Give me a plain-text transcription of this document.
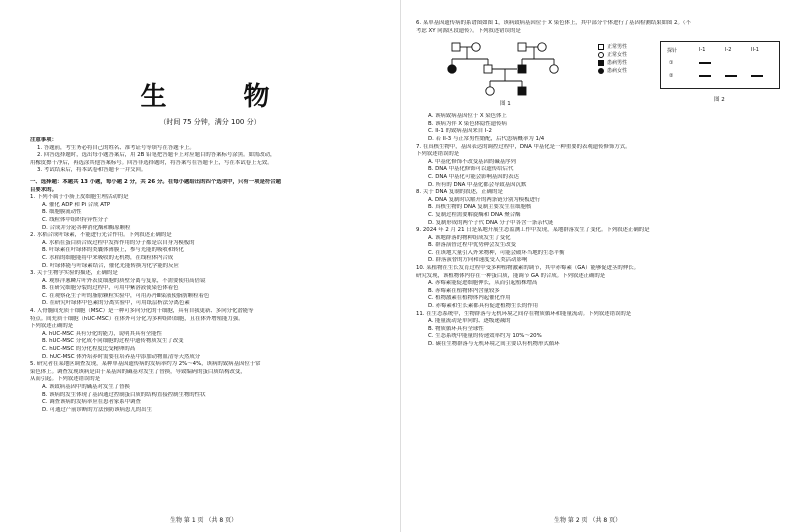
生 物
（时间 75 分钟，满分 100 分）

注意事项：

1. 答题前，考生务必将自己的姓名、准考证号等填写在答题卡上。

2. 回答选择题时，选出每小题答案后，用 2B 铅笔把答题卡上对应题目的答案标号涂黑。如需改动，

用橡皮擦干净后，再选涂其他答案标号。回答非选择题时，将答案写在答题卡上，写在本试卷上无效。

3. 考试结束后，将本试卷和答题卡一并交回。

一、选择题：本题共 13 小题，每小题 2 分，共 26 分。在每小题给出的四个选项中，只有一项是符合题

目要求的。

1. 下列不属于小肠上皮细胞生理活动的是

A. 催化 ADP 和 Pi 合成 ATP

B. 细胞膜流动性

C. 线粒体中组织特异性分子

D. 合成并分泌各种消化酶和酶原颗粒

2. 水稻合成叶绿素，不能进行光合作用。下列叙述正确的是

A. 水稻在蛋白质合成过程中发挥作用的分子都是以自身为模板的

B. 叶绿素在叶绿体的类囊体薄膜上，参与光能的吸收和转化

C. 水稻的细胞能将中来吸收的无机物，在线粒体内合成

D. 叶绿体能与叶绿素结合，催化光能转换为化学能的反应

3. 关于生物学实验的描述，正确的是

A. 观察洋葱鳞片叶外表皮细胞的质壁分离与复原，不需要使用高倍镜

B. 在研究细胞分裂的过程中，可用甲紫溶液使染色体着色

C. 在观察花生子叶的脂肪颗粒实验中，可用苏丹Ⅲ染液使脂肪颗粒着色

D. 在研究叶绿体中色素的分离实验中，可用纸层析法分离色素

4. 人骨髓间充质干细胞（MSC）是一种可多向分化的干细胞，具有自我更新、多向分化潜能等

特点。间充质干细胞（hUC-MSC）在体外可分化为多种组织细胞，且在体外增殖能力强。

下列叙述正确的是

A. hUC-MSC 具有分化的能力，说明其具有全能性

B. hUC-MSC 分化成不同细胞的过程中遗传物质发生了改变

C. hUC-MSC 的分化程度比受精卵的高

D. hUC-MSC 体外培养时需要在培养基中添加动物血清等天然成分

5. 研究者在某地区调查发现，某种单基因遗传病的发病率约为 2%～4%，该病的致病基因位于常

染色体上。调查发现该病是由于某基因的碱基对发生了替换，导致编码的蛋白质结构改变，

从而引起。下列叙述错误的是

A. 该致病基因中的碱基对发生了替换

B. 该病的发生体现了基因通过控制蛋白质的结构直接控制生物的性状

C. 调查该病的发病率应在患者家系中调查

D. 可通过产前诊断的方法预防该病患儿的出生

生物 第 1 页 （共 8 页）

6. 某单基因遗传病的系谱图如图 1，该病致病基因位于 X 染色体上，其中部分个体进行了基因检测结果如图 2。（不

考虑 XY 同源区段遗传）。下列叙述错误的是

正常男性
正常女性
患病男性
患病女性
探针	I-1	I-2	II-1
①
②
图 1
图 2

A. 该病致病基因位于 X 染色体上

B. 该病为伴 X 染色体隐性遗传病

C. II-1 的致病基因来自 I-2

D. 若 II-3 与正常男性婚配，后代患病概率为 1/4

7. 在真核生物中，基因表达的调控过程中，DNA 甲基化是一种重要的表观遗传修饰方式。

下列叙述错误的是

A. 甲基化修饰不改变基因的碱基序列

B. DNA 甲基化修饰可以遗传给后代

C. DNA 甲基化可能会影响基因的表达

D. 所有的 DNA 甲基化都会导致基因沉默

8. 关于 DNA 复制的叙述，正确的是

A. DNA 复制时以解开的两条链分别为模板进行

B. 真核生物的 DNA 复制主要发生在细胞核

C. 复制过程需要解旋酶和 DNA 聚合酶

D. 复制形成的两个子代 DNA 分子中各含一条亲代链

9. 2024 年 2 月 21 日是某地开展生态监测工作中发现，某地群落发生了变化。下列叙述正确的是

A. 该地群落的物种组成发生了变化

B. 群落演替过程中优势种会发生改变

C. 在该地大量引入外来物种，可能会破坏当地的生态平衡

D. 群落演替的方向和速度受人类活动影响

10. 某植物在生长发育过程中受多种植物激素的调节，其中赤霉素（GA）能够促进茎的伸长。

研究发现，该植物体内存在一种蛋白质，能调节 GA 的合成。下列叙述正确的是

A. 赤霉素能促进细胞伸长，从而引起植株增高

B. 赤霉素在植物体内含量较多

C. 植物激素在植物体内起催化作用

D. 赤霉素和生长素都具有促进植物生长的作用

11. 在生态系统中，生物群落与无机环境之间存在物质循环和能量流动。下列叙述错误的是

A. 能量流动是单向的、逐级递减的

B. 物质循环具有全球性

C. 生态系统中能量的传递效率约为 10%～20%

D. 碳在生物群落与无机环境之间主要以有机物形式循环

生物 第 2 页 （共 8 页）
